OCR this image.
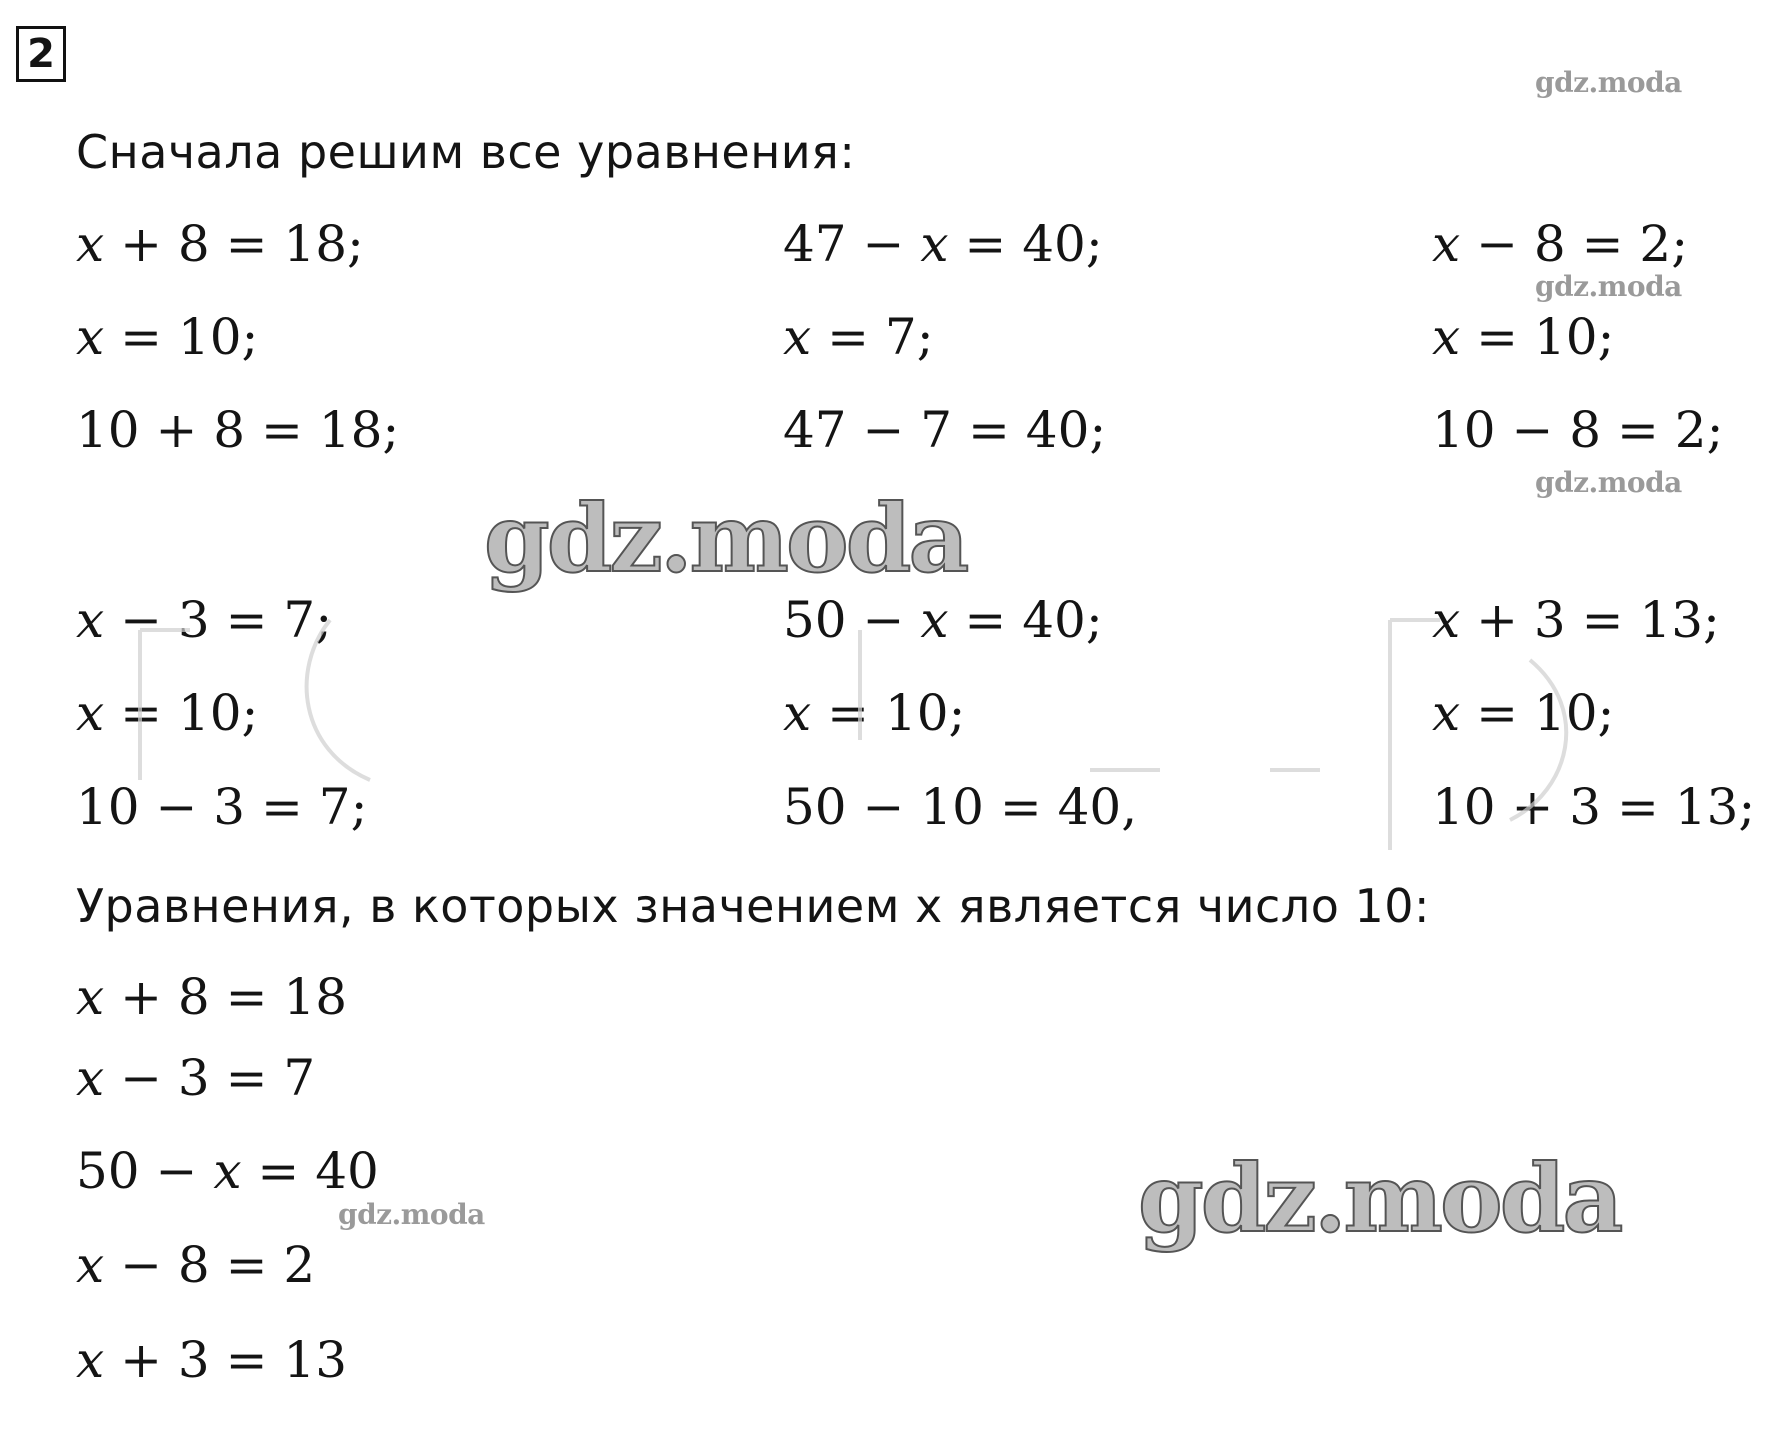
2
Сначала решим все уравнения:
x + 8 = 18;
x = 10;
10 + 8 = 18;
47 − x = 40;
x = 7;
47 − 7 = 40;
x − 8 = 2;
x = 10;
10 − 8 = 2;
x − 3 = 7;
x = 10;
10 − 3 = 7;
50 − x = 40;
x = 10;
50 − 10 = 40,
x + 3 = 13;
x = 10;
10 + 3 = 13;
Уравнения, в которых значением x является число 10:
x + 8 = 18
x − 3 = 7
50 − x = 40
x − 8 = 2
x + 3 = 13
gdz.moda
gdz.moda
gdz.moda
gdz.moda
gdz.moda
gdz.moda
